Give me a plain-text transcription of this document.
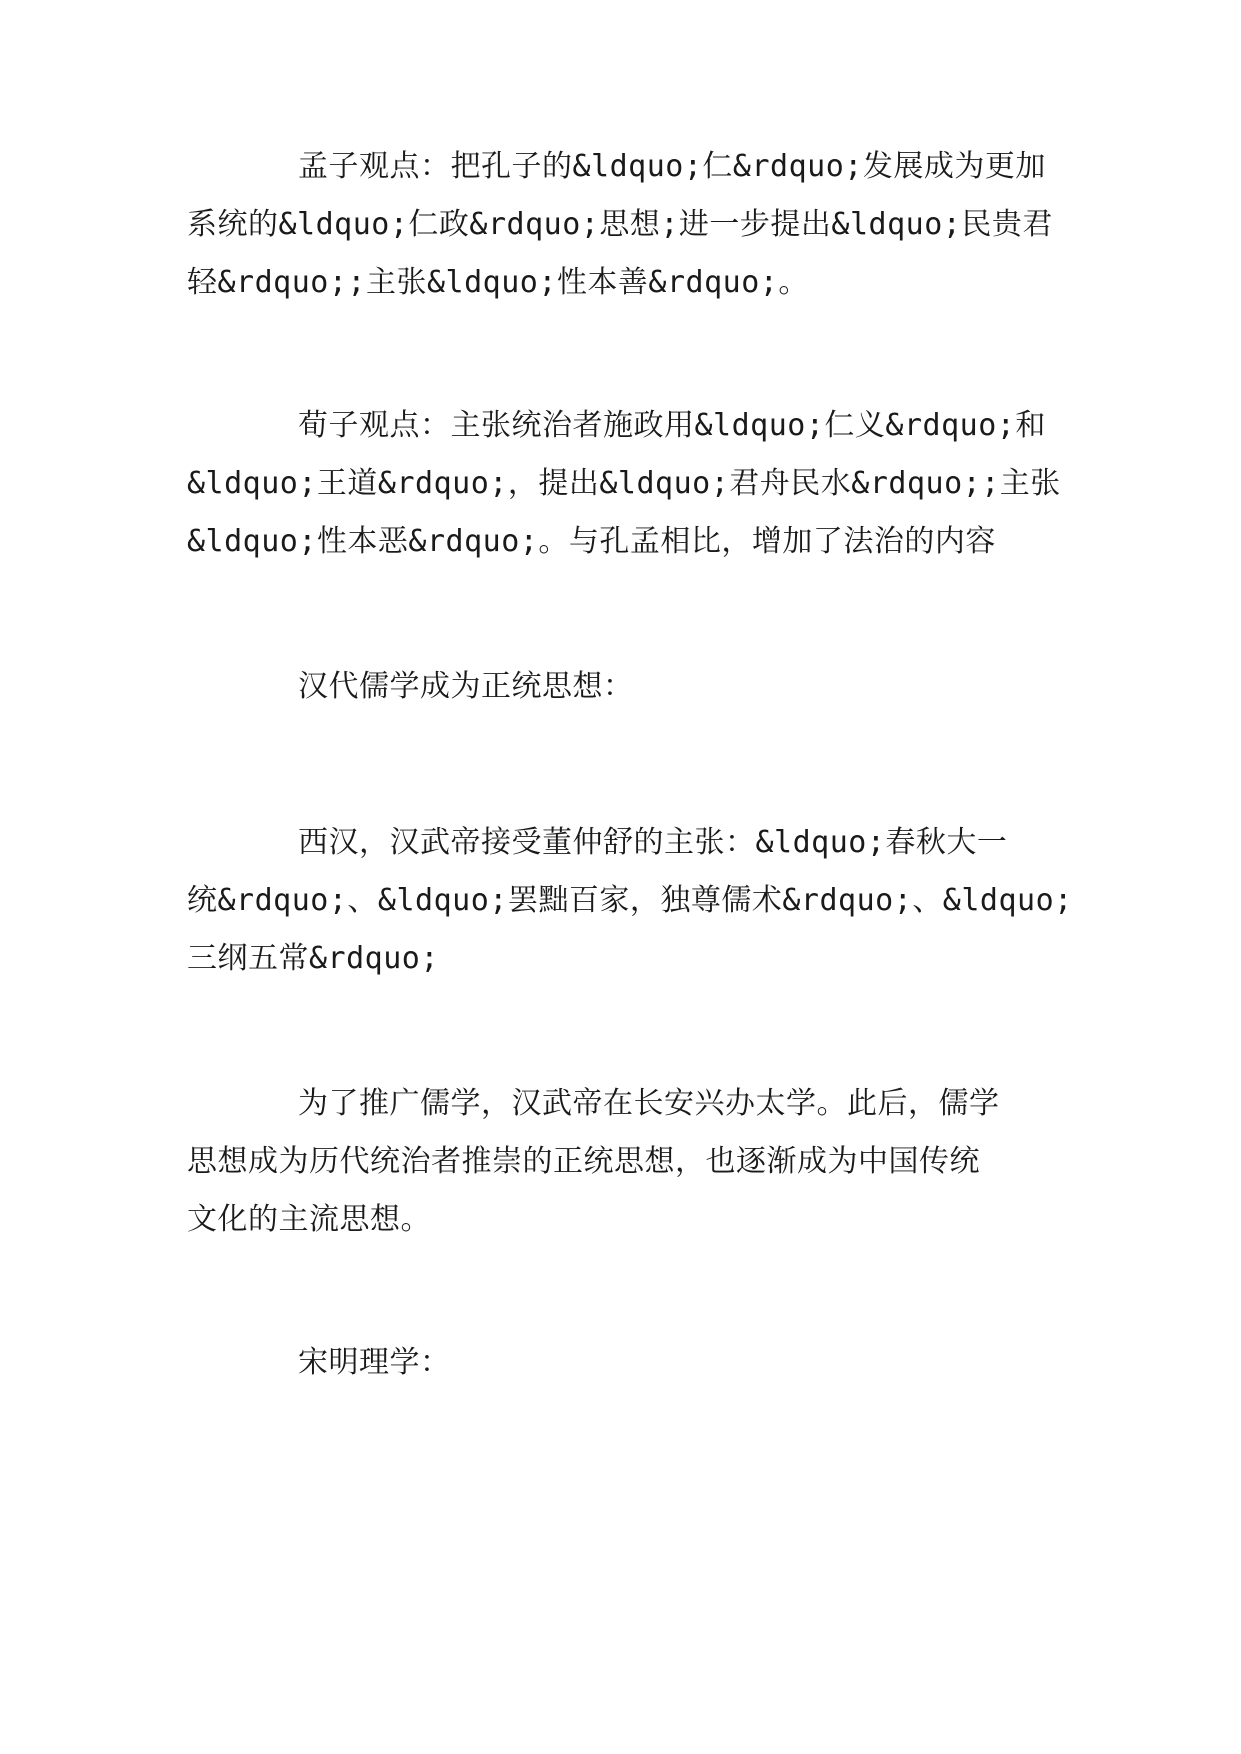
孟子观点：把孔子的&ldquo;仁&rdquo;发展成为更加
系统的&ldquo;仁政&rdquo;思想;进一步提出&ldquo;民贵君
轻&rdquo;;主张&ldquo;性本善&rdquo;。

荀子观点：主张统治者施政用&ldquo;仁义&rdquo;和
&ldquo;王道&rdquo;，提出&ldquo;君舟民水&rdquo;;主张
&ldquo;性本恶&rdquo;。与孔孟相比，增加了法治的内容

汉代儒学成为正统思想：

西汉，汉武帝接受董仲舒的主张：&ldquo;春秋大一
统&rdquo;、&ldquo;罢黜百家，独尊儒术&rdquo;、&ldquo;
三纲五常&rdquo;

为了推广儒学，汉武帝在长安兴办太学。此后，儒学
思想成为历代统治者推崇的正统思想，也逐渐成为中国传统
文化的主流思想。

宋明理学：
